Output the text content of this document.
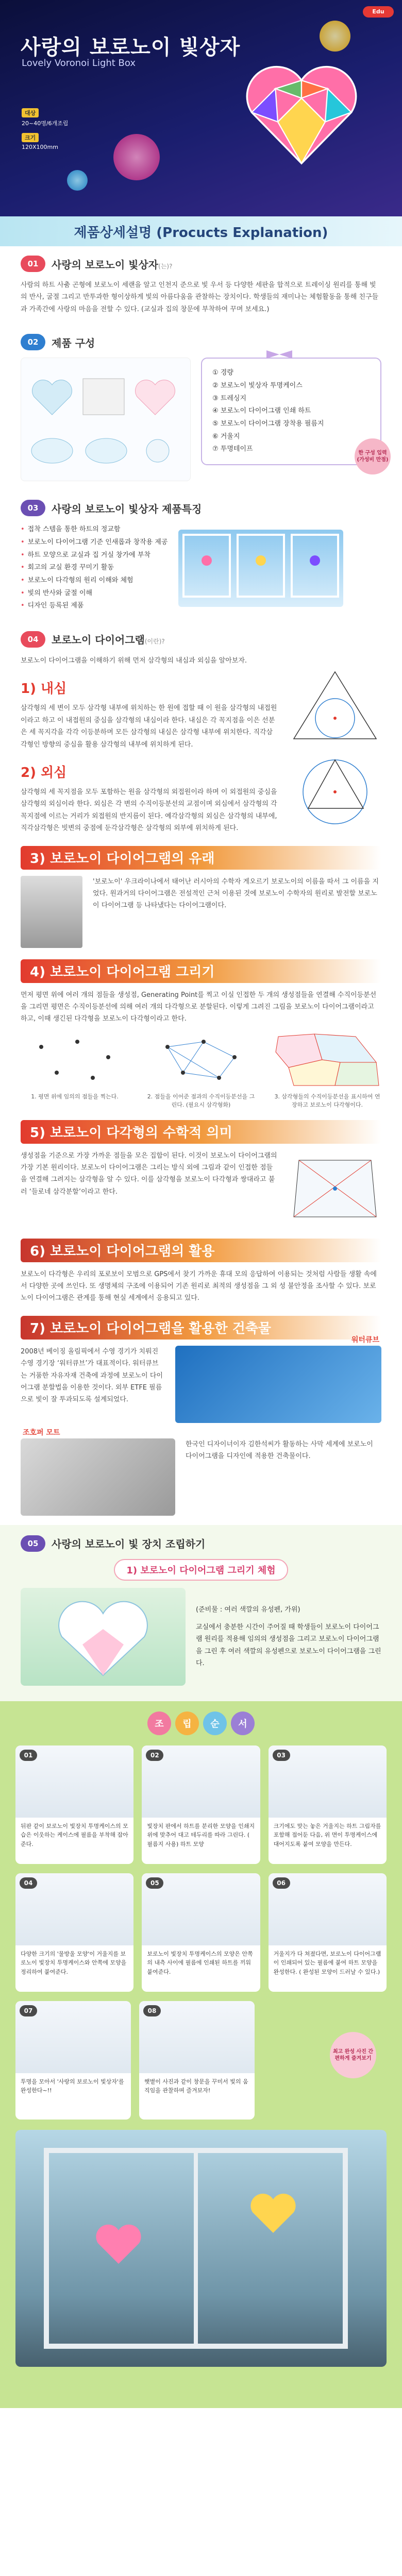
Edu
사랑의 보로노이 빛상자
Lovely Voronoi Light Box
대상
20~40명/6개조립
크기
120X100mm
제품상세설명 (Procucts Explanation)
01	사랑의 보로노이 빛상자(는)?

사람의 하트 사춤 곤형에 보로노이 세랜을 알고 인천지 준으로 빛 우서 등 다양한 세판을 합적으로 트레이싱 원리를 통해 빛의 반사, 굴절 그리고 반투과한 형이상하게 빛의 아름다움을 관찰하는 장치이다. 학생들의 재미나는 체험활동을 통해 친구들과 가족간에 사랑의 마음을 전할 수 있다. (교실과 집의 창문에 부착하여 꾸며 보세요.)

02	제품 구성
① 경량
② 보로노이 빛상자 투명케이스
③ 트레싱지
④ 보로노이 다이어그램 인쇄 하트
⑤ 보로노이 다이어그램 장착용 필름지
⑥ 거울지
⑦ 투명테이프
한 구성 입력 (가성비 만점)
03	사랑의 보로노이 빛상자 제품특징
• 접착 스템을 통한 하트의 정교함
• 보로노이 다이어그램 기준 인새롭과 창작용 제공
• 하트 모양으로 교실과 집 거실 창가에 부착
• 회고의 교실 환경 꾸미기 활동
• 보로노이 다각형의 원리 이해와 체험
• 빛의 반사와 굴절 이해
• 디자인 등록된 제품
04	보로노이 다이어그램(이란)?

보로노이 다이어그램을 이해하기 위해 먼저 삼각형의 내심과 외심을 알아보자.

1) 내심

삼각형의 세 변이 모두 삼각형 내부에 위치하는 한 원에 접할 때 이 원을 삼각형의 내접원이라고 하고 이 내접원의 중심을 삼각형의 내심이라 한다. 내심은 각 꼭지점을 이은 선분은 세 꼭지각을 각각 이등분하며 모든 삼각형의 내심은 삼각형 내부에 위치한다. 직각삼각형인 방향의 중심을 활용 삼각형의 내부에 위치하게 된다.

2) 외심

삼각형의 세 꼭지점을 모두 포함하는 원을 삼각형의 외접원이라 하며 이 외접원의 중심을 삼각형의 외심이라 한다. 외심은 각 변의 수직이등분선의 교점이며 외심에서 삼각형의 각 꼭지점에 이르는 거리가 외접원의 반지름이 된다. 예각삼각형의 외심은 삼각형의 내부에, 직각삼각형은 빗변의 중점에 둔각삼각형은 삼각형의 외부에 위치하게 된다.

3) 보로노이 다이어그램의 유래

'보로노이' 우크라이나에서 태어난 러시아의 수학자 게오르기 보로노이의 이름을 따서 그 이름을 지었다. 원과거의 다이어그램은 전설적인 근처 이용된 것에 보로노이 수학자의 원리로 발전할 보로노이 다이어그램 등 나타냈다는 다이어그램이다.

4) 보로노이 다이어그램 그리기

먼저 평면 위에 여러 개의 점들을 생성점, Generating Point를 찍고 이실 인접한 두 개의 생성점들을 연결해 수직이등분선을 그리면 평면은 수직이등분선에 의해 여러 개의 다각형으로 분할된다. 이렇게 그려진 그림을 보로노이 다이어그램이라고 하고, 이때 생긴된 다각형을 보로노이 다각형이라고 한다.

1. 평면 위에 임의의 점들을 찍는다.	2. 점들을 이어준 점과의 수직이등분선을 그린다. (필요시 삼각형화)

3. 삼각형들의 수직이등분선을 표시하여 연장하고 보로노이 다각형이다.

5) 보로노이 다각형의 수학적 의미

생성점을 기준으로 가장 가까운 점들을 모은 집합이 된다. 이것이 보로노이 다이어그램의 가장 기본 원리이다. 보로노이 다이어그램은 그리는 방식 외에 그림과 같이 인접한 점들을 연결해 그려지는 삼각형을 알 수 있다. 이를 삼각형을 보로노이 다각형과 쌍대라고 불러 ‘들로네 삼각분할’이라고 한다.

6) 보로노이 다이어그램의 활용

보로노이 다각형은 우리의 포로보이 모범으로 GPS에서 찾기 가까운 휴대 모의 응답하여 이용되는 것처럼 사람들 생활 속에서 다양한 곳에 쓰인다. 또 생명체의 구조에 이용되어 기존 원리로 최적의 생성점을 그 외 성 불안정을 조사할 수 있다. 보로노이 다이어그램은 관계를 통해 현실 세계에서 응용되고 있다.

7) 보로노이 다이어그램을 활용한 건축물

2008년 베이징 올림픽에서 수영 경기가 치뤄진 수영 경기장 ‘워터큐브’가 대표적이다. 워터큐브는 거품한 자유자재 건축에 과정에 보로노이 다이어그램 분할법을 이용한 것이다. 외부 ETFE 필름으로 빛이 잘 투과되도록 설계되었다.

워터큐브
조호퍼 모트

한국인 디자이너이자 김한석씨가 활동하는 사막 세계에 보로노이 다이어그램을 디자인에 적용한 건축물이다.

05	사랑의 보로노이 빛 장치 조립하기
1) 보로노이 다이어그램 그리기 체험

(준비물 : 여러 색깔의 유성펜, 가위)

교실에서 충분한 시간이 주어질 때 학생들이 보로노이 다이어그램 원리를 적용해 임의의 생성점을 그리고 보로노이 다이어그램을 그린 후 여러 색깔의 유성펜으로 보로노이 다이어그램을 그린다.

조	립	순	서
01
뒤판 같이 보로노이 빛장치 투명케이스의 모습은 이웃하는 케이스에 필름을 부착해 잡아준다.
02
빛장치 판에서 하트를 분리한 모양을 인쇄지 위에 맞추어 대고 테두리를 따라 그린다. ( 필름지 사용) 하트 모양
03
크기에도 맞는 놓은 거울지는 하트 그림자를 포함해 접어둔 다음, 위 면이 투명케이스에 대어지도록 붙여 모양을 만든다.
04
다양한 크기의 '물방울 모양'이 거울지를 보로노이 빛장치 투명케이스와 안쪽에 모양을 정리하여 붙여준다.
05
보로노이 빛장치 투명케이스의 모양은 안쪽의 내측 사이에 필름에 인쇄된 하트를 끼워 붙여준다.
06
거울지가 다 쳐졌다면, 보로노이 다이어그램이 인쇄되어 있는 필름에 붙여 하트 모양을 완성한다. ( 완성된 모양이 드러날 수 있다.)
07
투명을 모아서 '사랑의 보로노이 빛상자'를 완성한다~!!
08
햇볕이 사진과 같이 창문을 꾸미서 빛의 움직임을 관찰하며 즐겨보자!
최고 완성 사진 간편하게 즐겨보기
